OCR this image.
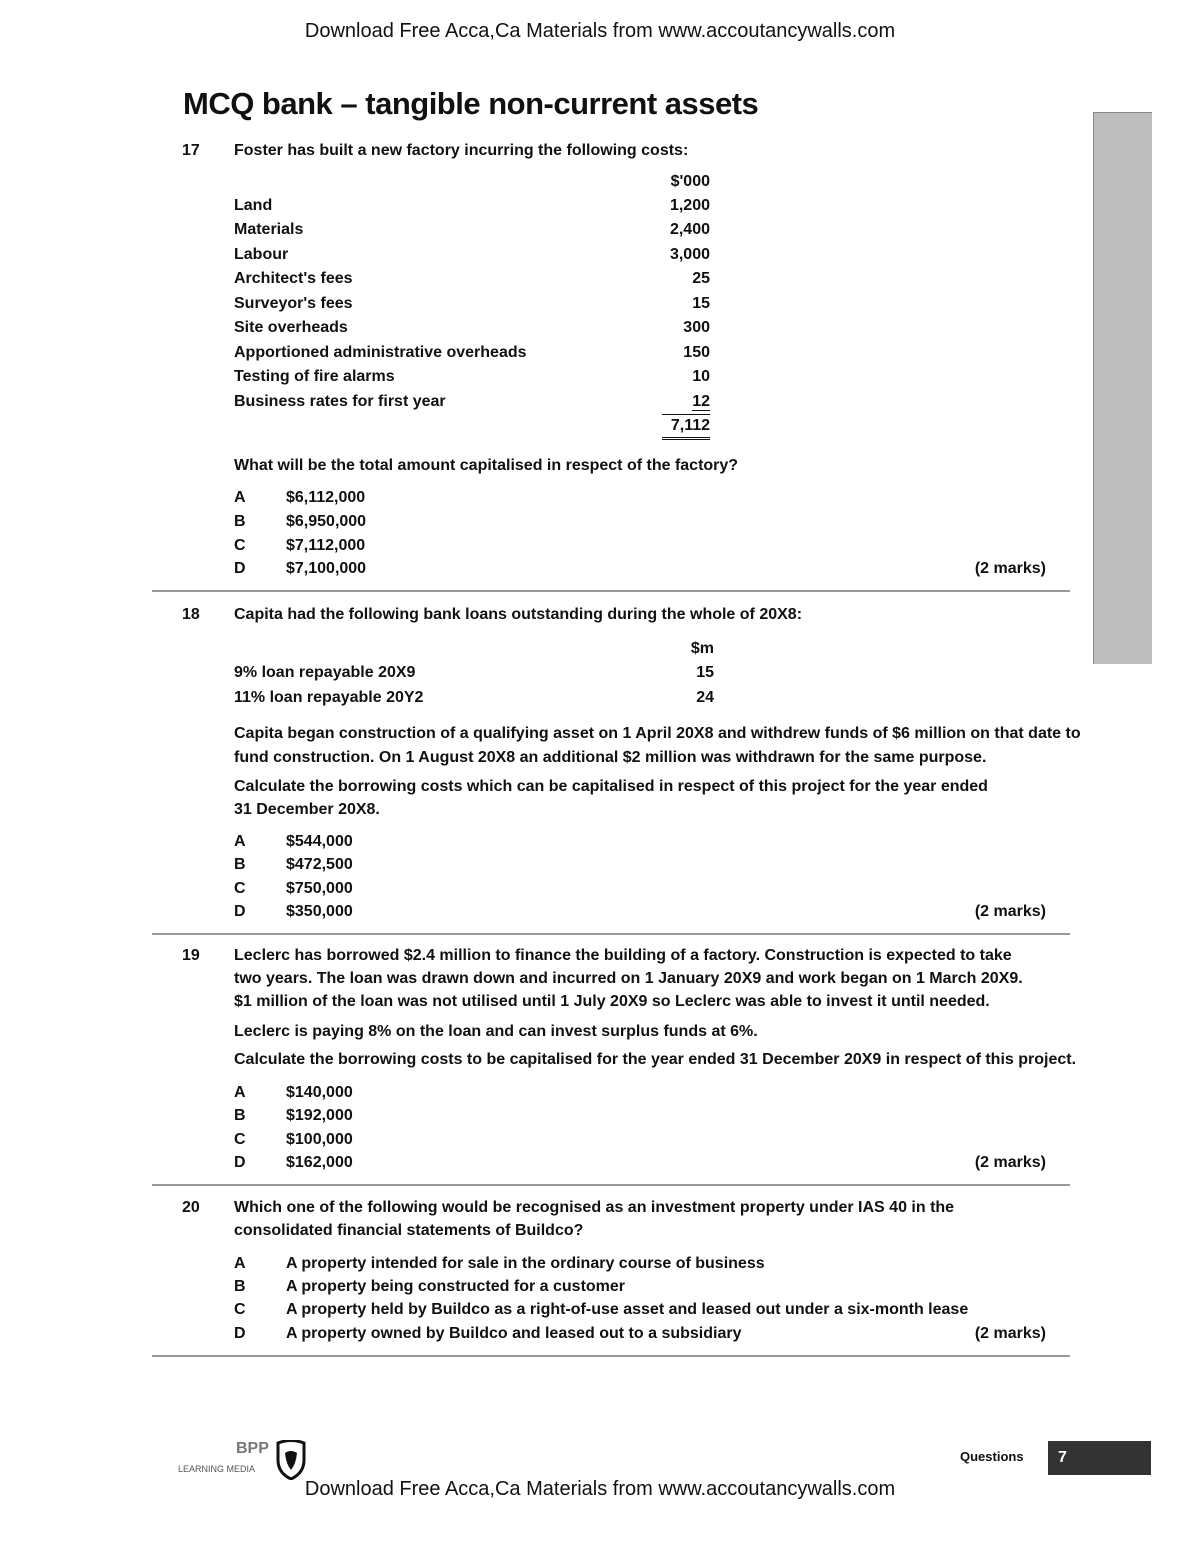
Download Free Acca,Ca Materials from www.accoutancywalls.com
MCQ bank – tangible non-current assets
17 Foster has built a new factory incurring the following costs:
$'000
Land	1,200
Materials	2,400
Labour	3,000
Architect's fees	25
Surveyor's fees	15
Site overheads	300
Apportioned administrative overheads	150
Testing of fire alarms	10
Business rates for first year	12
7,112
What will be the total amount capitalised in respect of the factory?
A	$6,112,000
B	$6,950,000
C	$7,112,000
D	$7,100,000	(2 marks)
18 Capita had the following bank loans outstanding during the whole of 20X8:
$m
9% loan repayable 20X9	15
11% loan repayable 20Y2	24
Capita began construction of a qualifying asset on 1 April 20X8 and withdrew funds of $6 million on that date to
fund construction. On 1 August 20X8 an additional $2 million was withdrawn for the same purpose.
Calculate the borrowing costs which can be capitalised in respect of this project for the year ended
31 December 20X8.
A	$544,000
B	$472,500
C	$750,000
D	$350,000	(2 marks)
19 Leclerc has borrowed $2.4 million to finance the building of a factory. Construction is expected to take
two years. The loan was drawn down and incurred on 1 January 20X9 and work began on 1 March 20X9.
$1 million of the loan was not utilised until 1 July 20X9 so Leclerc was able to invest it until needed.
Leclerc is paying 8% on the loan and can invest surplus funds at 6%.
Calculate the borrowing costs to be capitalised for the year ended 31 December 20X9 in respect of this project.
A	$140,000
B	$192,000
C	$100,000
D	$162,000	(2 marks)
20 Which one of the following would be recognised as an investment property under IAS 40 in the
consolidated financial statements of Buildco?
A	A property intended for sale in the ordinary course of business
B	A property being constructed for a customer
C	A property held by Buildco as a right-of-use asset and leased out under a six-month lease
D	A property owned by Buildco and leased out to a subsidiary	(2 marks)
BPP
LEARNING MEDIA
Questions	7
Download Free Acca,Ca Materials from www.accoutancywalls.com
